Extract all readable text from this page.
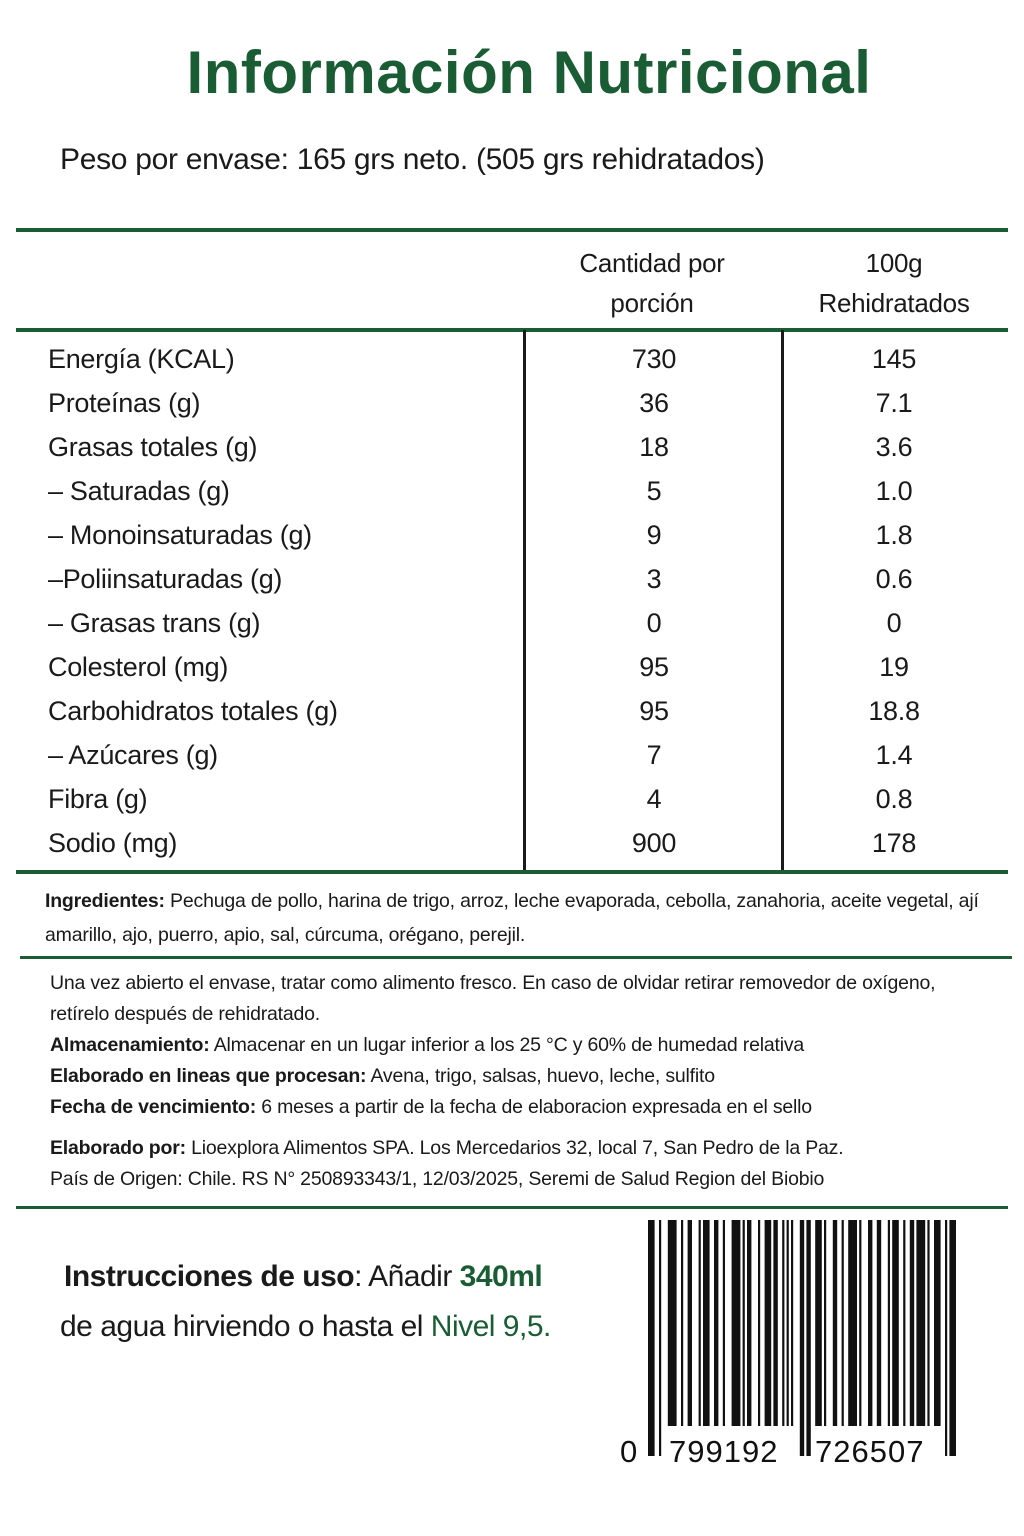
Información Nutricional
Peso por envase: 165 grs neto. (505 grs rehidratados)
Cantidad por
porción
100g
Rehidratados
Energía (KCAL)	730	145
Proteínas (g)	36	7.1
Grasas totales (g)	18	3.6
– Saturadas (g)	5	1.0
– Monoinsaturadas (g)	9	1.8
–Poliinsaturadas (g)	3	0.6
– Grasas trans (g)	0	0
Colesterol (mg)	95	19
Carbohidratos totales (g)	95	18.8
– Azúcares (g)	7	1.4
Fibra (g)	4	0.8
Sodio (mg)	900	178
Ingredientes: Pechuga de pollo, harina de trigo, arroz, leche evaporada, cebolla, zanahoria, aceite vegetal, ají amarillo, ajo, puerro, apio, sal, cúrcuma, orégano, perejil.

Una vez abierto el envase, tratar como alimento fresco. En caso de olvidar retirar removedor de oxígeno, retírelo después de rehidratado.

Almacenamiento: Almacenar en un lugar inferior a los 25 °C y 60% de humedad relativa

Elaborado en lineas que procesan: Avena, trigo, salsas, huevo, leche, sulfito

Fecha de vencimiento: 6 meses a partir de la fecha de elaboracion expresada en el sello

Elaborado por: Lioexplora Alimentos SPA. Los Mercedarios 32, local 7, San Pedro de la Paz.

País de Origen: Chile. RS N° 250893343/1, 12/03/2025, Seremi de Salud Region del Biobio

Instrucciones de uso: Añadir 340ml
de agua hirviendo o hasta el Nivel 9,5.
0 799192 726507
